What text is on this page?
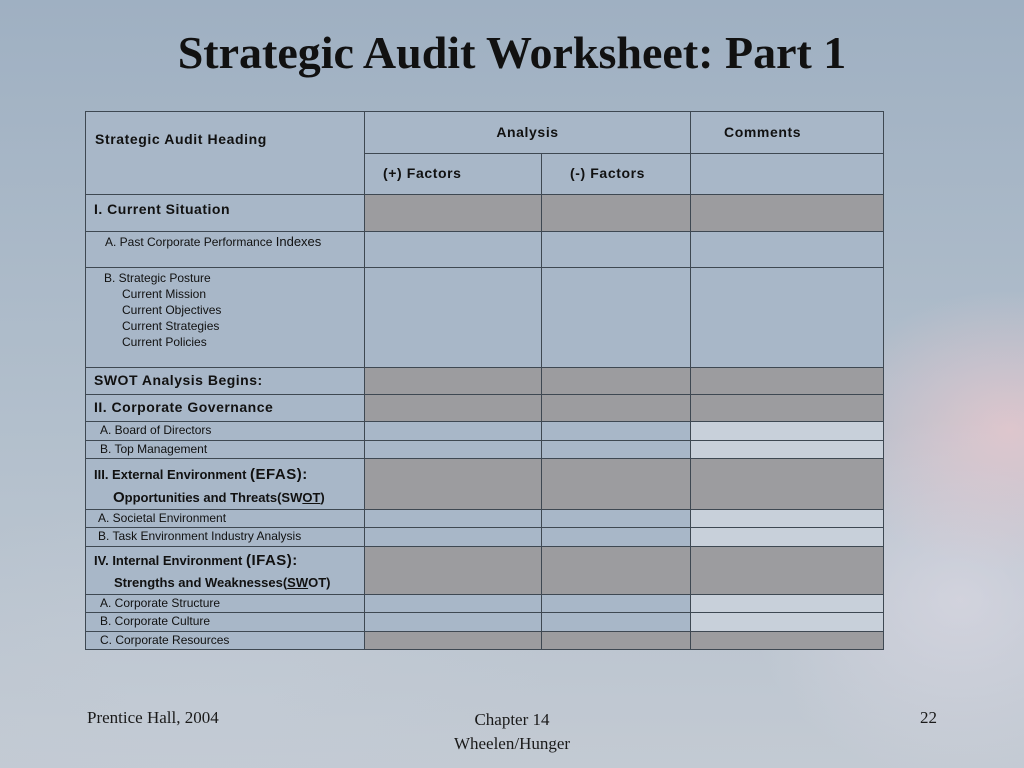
Strategic Audit Worksheet: Part 1
Strategic Audit Heading	Analysis		Comments
	(+) Factors	(-) Factors	

I. Current Situation			

A. Past Corporate Performance Indexes			

B. Strategic Posture
Current Mission
Current Objectives
Current Strategies
Current Policies			

SWOT Analysis Begins:			

II. Corporate Governance			

A. Board of Directors			

B. Top Management			

III. External Environment (EFAS):
Opportunities and Threats(SWOT)			

A. Societal Environment			

B. Task Environment Industry Analysis			

IV. Internal Environment (IFAS):
Strengths and Weaknesses(SWOT)			

A. Corporate Structure			

B. Corporate Culture			

C. Corporate Resources			

Prentice Hall, 2004	Chapter 14
Wheelen/Hunger
22
